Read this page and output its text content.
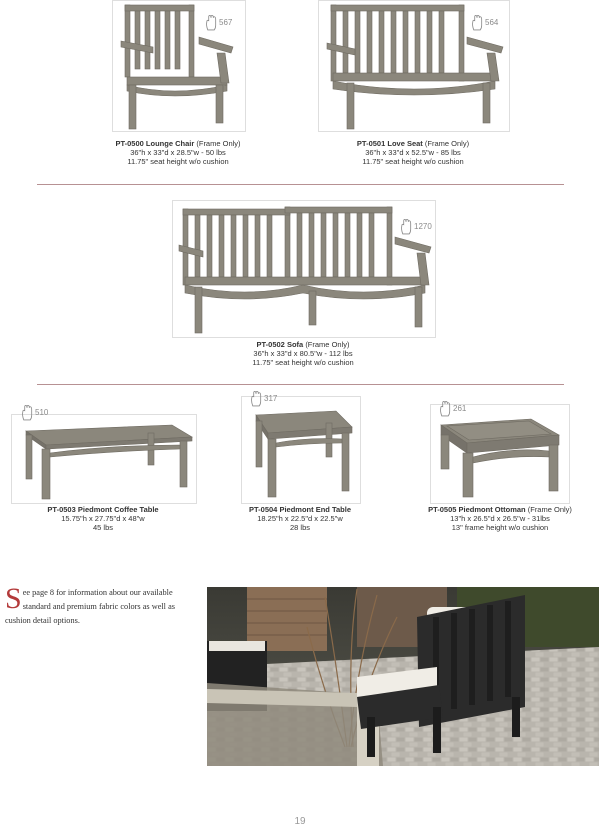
567
PT-0500 Lounge Chair (Frame Only)
36"h x 33"d x 28.5"w - 50 lbs
11.75" seat height w/o cushion
564
PT-0501 Love Seat (Frame Only)
36"h x 33"d x 52.5"w - 85 lbs
11.75" seat height w/o cushion
1270
PT-0502 Sofa (Frame Only)
36"h x 33"d x 80.5"w - 112 lbs
11.75" seat height w/o cushion
510
PT-0503 Piedmont Coffee Table
15.75"h x 27.75"d x 48"w
45 lbs
317
PT-0504 Piedmont End Table
18.25"h x 22.5"d x 22.5"w
28 lbs
261
PT-0505 Piedmont Ottoman (Frame Only)
13"h x 26.5"d x 26.5"w - 31lbs
13" frame height w/o cushion
See page 8 for information about our available standard and premium fabric colors as well as cushion detail options.
19
